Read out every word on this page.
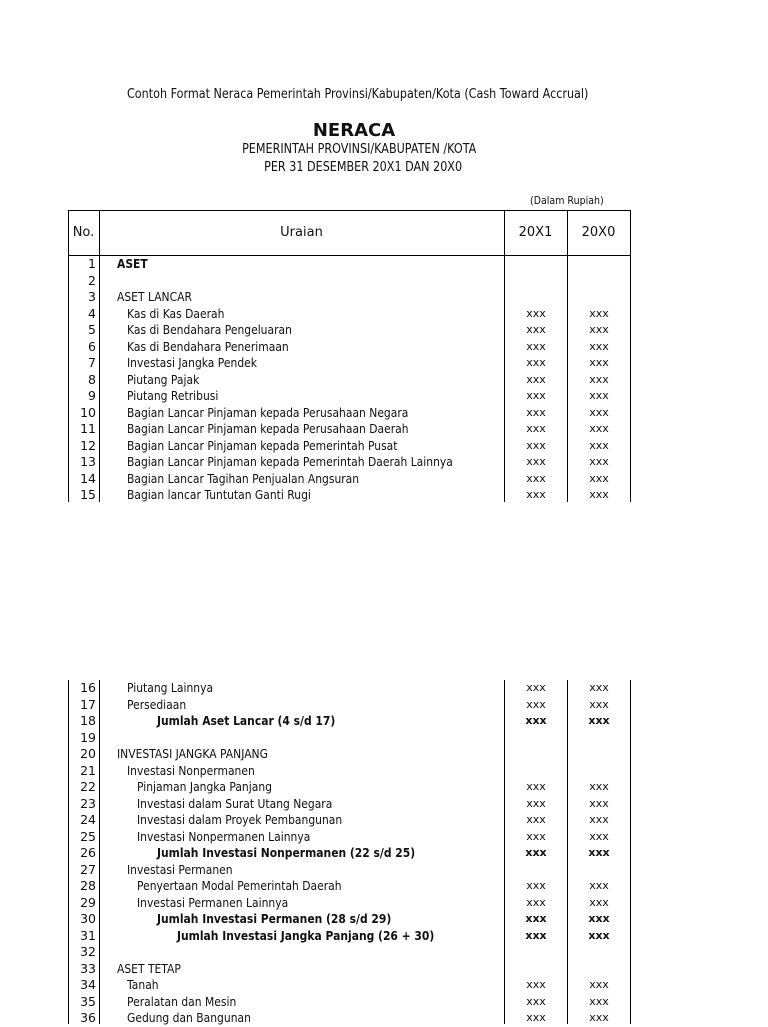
Contoh Format Neraca Pemerintah Provinsi/Kabupaten/Kota (Cash Toward Accrual)
NERACA
PEMERINTAH PROVINSI/KABUPATEN /KOTA
PER 31 DESEMBER 20X1 DAN 20X0
(Dalam Rupiah)
No.	Uraian	20X1	20X0
1 ASET
2
3 ASET LANCAR
4	Kas di Kas Daerah	xxx	xxx
5	Kas di Bendahara Pengeluaran	xxx	xxx
6	Kas di Bendahara Penerimaan	xxx	xxx
7	Investasi Jangka Pendek	xxx	xxx
8	Piutang Pajak	xxx	xxx
9	Piutang Retribusi	xxx	xxx
10	Bagian Lancar Pinjaman kepada Perusahaan Negara	xxx	xxx
11	Bagian Lancar Pinjaman kepada Perusahaan Daerah	xxx	xxx
12	Bagian Lancar Pinjaman kepada Pemerintah Pusat	xxx	xxx
13	Bagian Lancar Pinjaman kepada Pemerintah Daerah Lainnya	xxx	xxx
14	Bagian Lancar Tagihan Penjualan Angsuran	xxx	xxx
15	Bagian lancar Tuntutan Ganti Rugi	xxx	xxx
16	Piutang Lainnya	xxx	xxx
17	Persediaan	xxx	xxx
18	Jumlah Aset Lancar (4 s/d 17)	xxx	xxx
19
20 INVESTASI JANGKA PANJANG
21	Investasi Nonpermanen
22	Pinjaman Jangka Panjang	xxx	xxx
23	Investasi dalam Surat Utang Negara	xxx	xxx
24	Investasi dalam Proyek Pembangunan	xxx	xxx
25	Investasi Nonpermanen Lainnya	xxx	xxx
26	Jumlah Investasi Nonpermanen (22 s/d 25)	xxx	xxx
27	Investasi Permanen
28	Penyertaan Modal Pemerintah Daerah	xxx	xxx
29	Investasi Permanen Lainnya	xxx	xxx
30	Jumlah Investasi Permanen (28 s/d 29)	xxx	xxx
31	Jumlah Investasi Jangka Panjang (26 + 30)	xxx	xxx
32
33 ASET TETAP
34	Tanah	xxx	xxx
35	Peralatan dan Mesin	xxx	xxx
36	Gedung dan Bangunan	xxx	xxx
